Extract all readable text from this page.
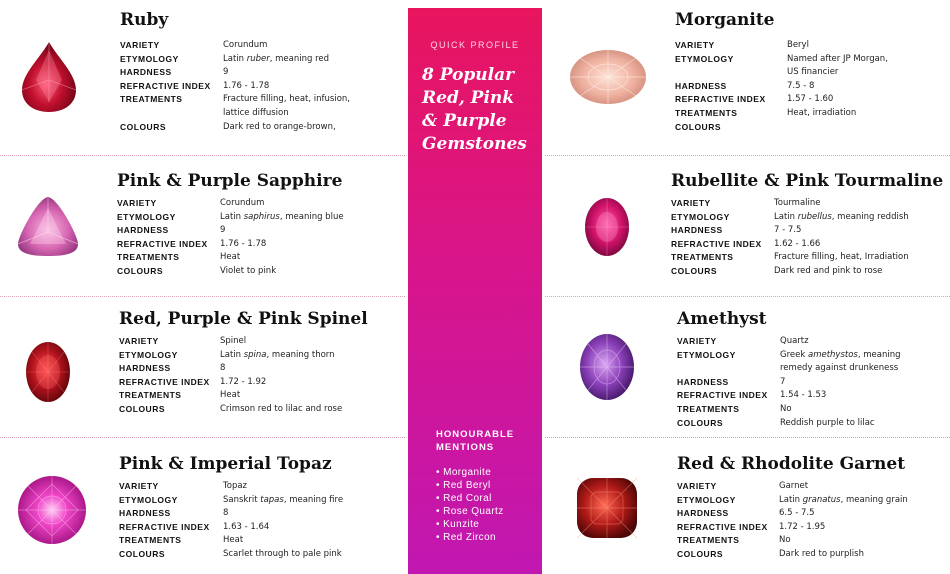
Ruby
VARIETY	Corundum
ETYMOLOGY	Latin ruber, meaning red
HARDNESS	9
REFRACTIVE INDEX	1.76 - 1.78
TREATMENTS	Fracture filling, heat, infusion,
lattice diffusion
COLOURS	Dark red to orange-brown,
Pink & Purple Sapphire
VARIETY	Corundum
ETYMOLOGY	Latin saphirus, meaning blue
HARDNESS	9
REFRACTIVE INDEX	1.76 - 1.78
TREATMENTS	Heat
COLOURS	Violet to pink
Red, Purple & Pink Spinel
VARIETY	Spinel
ETYMOLOGY	Latin spina, meaning thorn
HARDNESS	8
REFRACTIVE INDEX	1.72 - 1.92
TREATMENTS	Heat
COLOURS	Crimson red to lilac and rose
Pink & Imperial Topaz
VARIETY	Topaz
ETYMOLOGY	Sanskrit tapas, meaning fire
HARDNESS	8
REFRACTIVE INDEX	1.63 - 1.64
TREATMENTS	Heat
COLOURS	Scarlet through to pale pink
QUICK PROFILE
8 Popular Red, Pink & Purple Gemstones
HONOURABLE MENTIONS
• Morganite
• Red Beryl
• Red Coral
• Rose Quartz
• Kunzite
• Red Zircon
Morganite
VARIETY	Beryl
ETYMOLOGY	Named after JP Morgan,
US financier
HARDNESS	7.5 - 8
REFRACTIVE INDEX	1.57 - 1.60
TREATMENTS	Heat, irradiation
COLOURS
Rubellite & Pink Tourmaline
VARIETY	Tourmaline
ETYMOLOGY	Latin rubellus, meaning reddish
HARDNESS	7 - 7.5
REFRACTIVE INDEX	1.62 - 1.66
TREATMENTS	Fracture filling, heat, Irradiation
COLOURS	Dark red and pink to rose
Amethyst
VARIETY	Quartz
ETYMOLOGY	Greek amethystos, meaning
remedy against drunkeness
HARDNESS	7
REFRACTIVE INDEX	1.54 - 1.53
TREATMENTS	No
COLOURS	Reddish purple to lilac
Red & Rhodolite Garnet
VARIETY	Garnet
ETYMOLOGY	Latin granatus, meaning grain
HARDNESS	6.5 - 7.5
REFRACTIVE INDEX	1.72 - 1.95
TREATMENTS	No
COLOURS	Dark red to purplish
